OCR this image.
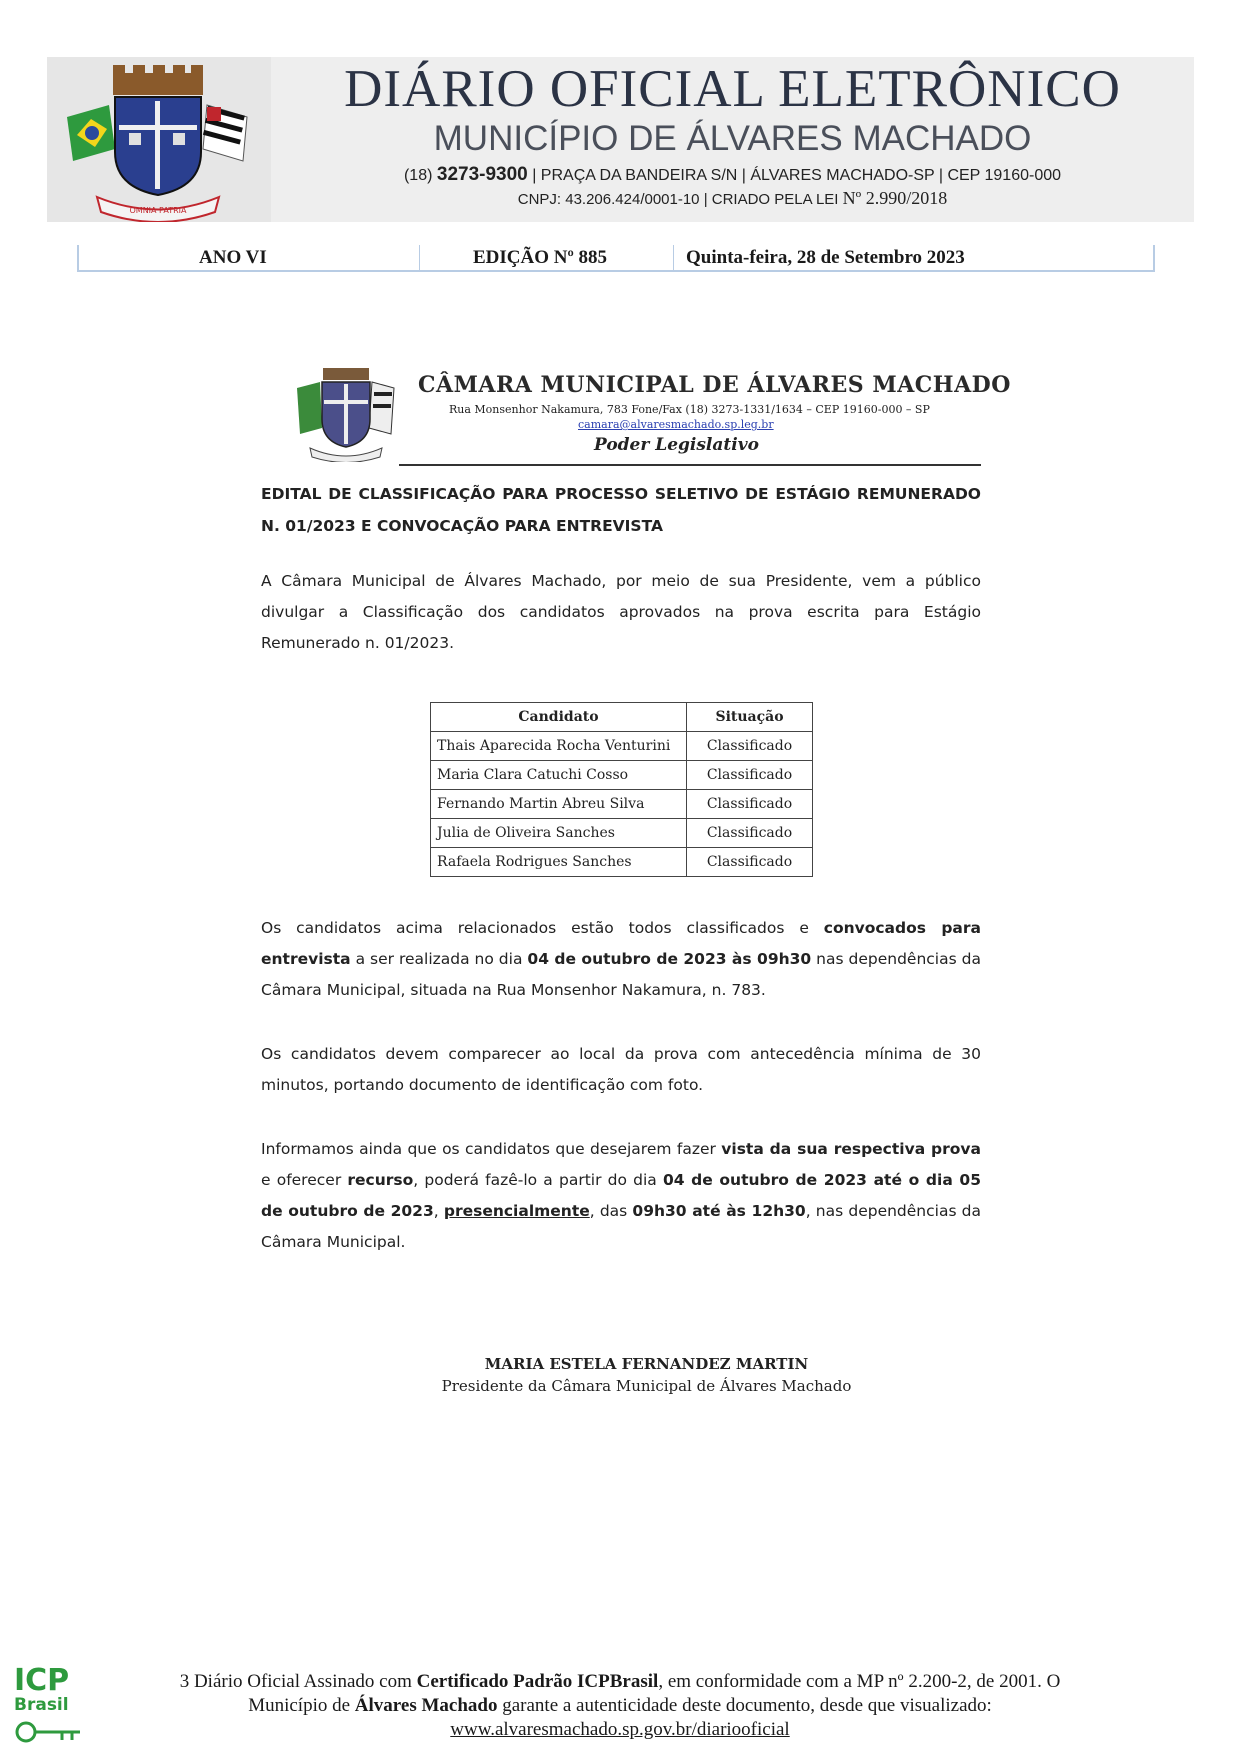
OMNIA PATRIA
DIÁRIO OFICIAL ELETRÔNICO
MUNICÍPIO DE ÁLVARES MACHADO
(18) 3273-9300 | PRAÇA DA BANDEIRA S/N | ÁLVARES MACHADO-SP | CEP 19160-000
CNPJ: 43.206.424/0001-10 | CRIADO PELA LEI Nº 2.990/2018
ANO VI	EDIÇÃO Nº 885	Quinta-feira, 28 de Setembro 2023
CÂMARA MUNICIPAL DE ÁLVARES MACHADO
Rua Monsenhor Nakamura, 783 Fone/Fax (18) 3273-1331/1634 – CEP 19160-000 – SP
camara@alvaresmachado.sp.leg.br
Poder Legislativo
EDITAL DE CLASSIFICAÇÃO PARA PROCESSO SELETIVO DE ESTÁGIO REMUNERADO N. 01/2023 E CONVOCAÇÃO PARA ENTREVISTA
A Câmara Municipal de Álvares Machado, por meio de sua Presidente, vem a público divulgar a Classificação dos candidatos aprovados na prova escrita para Estágio Remunerado n. 01/2023.
Candidato	Situação
Thais Aparecida Rocha Venturini	Classificado
Maria Clara Catuchi Cosso	Classificado
Fernando Martin Abreu Silva	Classificado
Julia de Oliveira Sanches	Classificado
Rafaela Rodrigues Sanches	Classificado
Os candidatos acima relacionados estão todos classificados e convocados para entrevista a ser realizada no dia 04 de outubro de 2023 às 09h30 nas dependências da Câmara Municipal, situada na Rua Monsenhor Nakamura, n. 783.
Os candidatos devem comparecer ao local da prova com antecedência mínima de 30 minutos, portando documento de identificação com foto.
Informamos ainda que os candidatos que desejarem fazer vista da sua respectiva prova e oferecer recurso, poderá fazê-lo a partir do dia 04 de outubro de 2023 até o dia 05 de outubro de 2023, presencialmente, das 09h30 até às 12h30, nas dependências da Câmara Municipal.
MARIA ESTELA FERNANDEZ MARTIN
Presidente da Câmara Municipal de Álvares Machado
ICP
Brasil
3 Diário Oficial Assinado com Certificado Padrão ICPBrasil, em conformidade com a MP nº 2.200-2, de 2001. O Município de Álvares Machado garante a autenticidade deste documento, desde que visualizado: www.alvaresmachado.sp.gov.br/diariooficial
